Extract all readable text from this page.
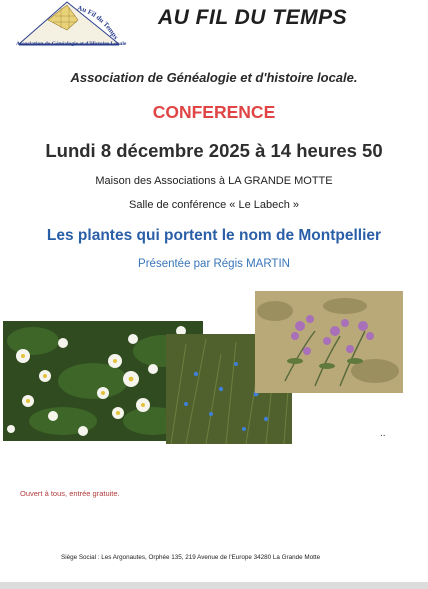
Au Fil du Temps
Association de Généalogie et d'Histoire Locale
AU FIL DU TEMPS
Association de Généalogie et d'histoire locale.
CONFERENCE
Lundi 8 décembre 2025 à 14 heures 50
Maison des Associations à LA GRANDE MOTTE
Salle de conférence « Le Labech »
Les plantes qui portent le nom de Montpellier
Présentée par Régis MARTIN
..
Ouvert à tous, entrée gratuite.
Siège Social : Les Argonautes, Orphée 135, 219 Avenue de l'Europe 34280 La Grande Motte
